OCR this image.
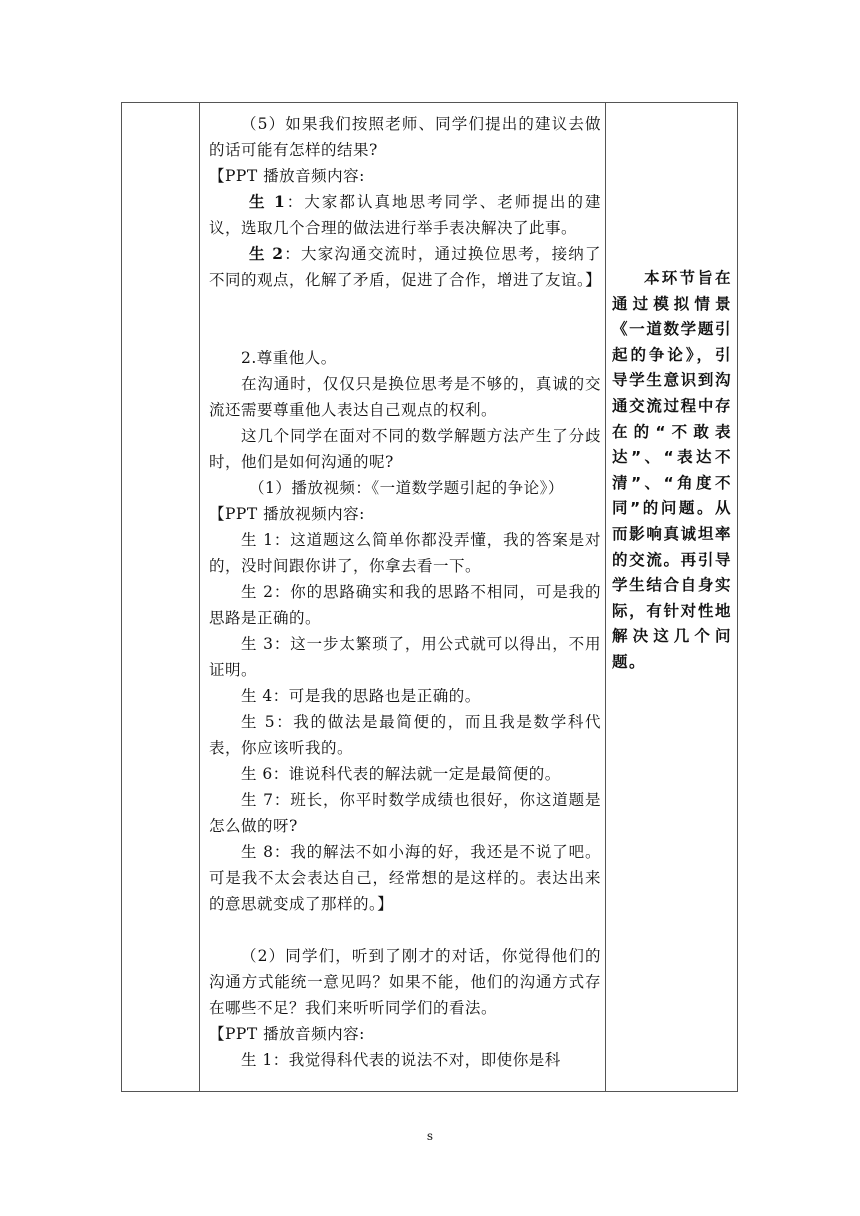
（5）如果我们按照老师、同学们提出的建议去做的话可能有怎样的结果?

【PPT 播放音频内容:

生 1：大家都认真地思考同学、老师提出的建议，选取几个合理的做法进行举手表决解决了此事。

生 2：大家沟通交流时，通过换位思考，接纳了不同的观点，化解了矛盾，促进了合作，增进了友谊。】

2.尊重他人。

在沟通时，仅仅只是换位思考是不够的，真诚的交流还需要尊重他人表达自己观点的权利。

这几个同学在面对不同的数学解题方法产生了分歧时，他们是如何沟通的呢?

（1）播放视频：《一道数学题引起的争论》）

【PPT 播放视频内容:

生 1：这道题这么简单你都没弄懂，我的答案是对的，没时间跟你讲了，你拿去看一下。

生 2：你的思路确实和我的思路不相同，可是我的思路是正确的。

生 3：这一步太繁琐了，用公式就可以得出，不用证明。

生 4：可是我的思路也是正确的。

生 5：我的做法是最简便的，而且我是数学科代表，你应该听我的。

生 6：谁说科代表的解法就一定是最简便的。

生 7：班长，你平时数学成绩也很好，你这道题是怎么做的呀?

生 8：我的解法不如小海的好，我还是不说了吧。可是我不太会表达自己，经常想的是这样的。表达出来的意思就变成了那样的。】

（2）同学们，听到了刚才的对话，你觉得他们的沟通方式能统一意见吗？如果不能，他们的沟通方式存在哪些不足？我们来听听同学们的看法。

【PPT 播放音频内容:

生 1：我觉得科代表的说法不对，即使你是科

本环节旨在通过模拟情景《一道数学题引起的争论》，引导学生意识到沟通交流过程中存在的“不敢表达”、“表达不清”、“角度不同”的问题。从而影响真诚坦率的交流。再引导学生结合自身实际，有针对性地解决这几个问题。

s
